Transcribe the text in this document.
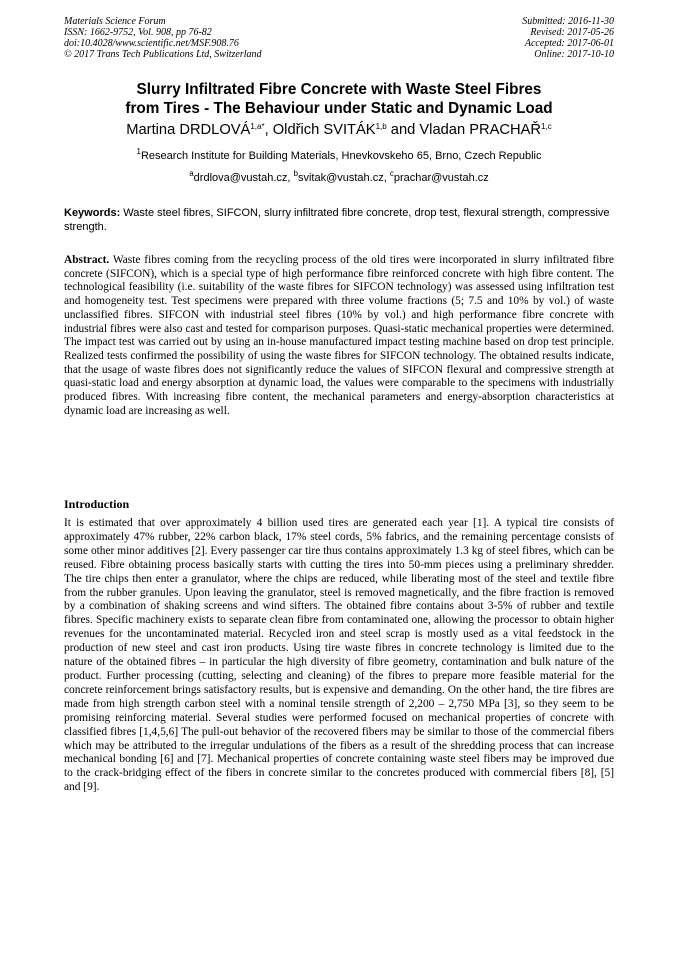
Materials Science Forum
ISSN: 1662-9752, Vol. 908, pp 76-82
doi:10.4028/www.scientific.net/MSF.908.76
© 2017 Trans Tech Publications Ltd, Switzerland
Submitted: 2016-11-30
Revised: 2017-05-26
Accepted: 2017-06-01
Online: 2017-10-10
Slurry Infiltrated Fibre Concrete with Waste Steel Fibres
from Tires - The Behaviour under Static and Dynamic Load
Martina $DRDLOVÁ^{1,a*}$, Oldřich SVITÁK$^{1,b}$ and Vladan PRACHAŘ$^{1,c}$
$^1$Research Institute for Building Materials, Hnevkovskeho 65, Brno, Czech Republic
$^a$drdlova@vustah.cz, $^b$svitak@vustah.cz, $^c$prachar@vustah.cz
Keywords: Waste steel fibres, SIFCON, slurry infiltrated fibre concrete, drop test, flexural strength, compressive strength.
Abstract. Waste fibres coming from the recycling process of the old tires were incorporated in slurry infiltrated fibre concrete (SIFCON), which is a special type of high performance fibre reinforced concrete with high fibre content. The technological feasibility (i.e. suitability of the waste fibres for SIFCON technology) was assessed using infiltration test and homogeneity test. Test specimens were prepared with three volume fractions (5; 7.5 and 10% by vol.) of waste unclassified fibres. SIFCON with industrial steel fibres (10% by vol.) and high performance fibre concrete with industrial fibres were also cast and tested for comparison purposes. Quasi-static mechanical properties were determined. The impact test was carried out by using an in-house manufactured impact testing machine based on drop test principle. Realized tests confirmed the possibility of using the waste fibres for SIFCON technology. The obtained results indicate, that the usage of waste fibres does not significantly reduce the values of SIFCON flexural and compressive strength at quasi-static load and energy absorption at dynamic load, the values were comparable to the specimens with industrially produced fibres. With increasing fibre content, the mechanical parameters and energy-absorption characteristics at dynamic load are increasing as well.
Introduction
It is estimated that over approximately 4 billion used tires are generated each year [1]. A typical tire consists of approximately 47% rubber, 22% carbon black, 17% steel cords, 5% fabrics, and the remaining percentage consists of some other minor additives [2]. Every passenger car tire thus contains approximately 1.3 kg of steel fibres, which can be reused. Fibre obtaining process basically starts with cutting the tires into 50-mm pieces using a preliminary shredder. The tire chips then enter a granulator, where the chips are reduced, while liberating most of the steel and textile fibre from the rubber granules. Upon leaving the granulator, steel is removed magnetically, and the fibre fraction is removed by a combination of shaking screens and wind sifters. The obtained fibre contains about 3-5% of rubber and textile fibres. Specific machinery exists to separate clean fibre from contaminated one, allowing the processor to obtain higher revenues for the uncontaminated material. Recycled iron and steel scrap is mostly used as a vital feedstock in the production of new steel and cast iron products. Using tire waste fibres in concrete technology is limited due to the nature of the obtained fibres – in particular the high diversity of fibre geometry, contamination and bulk nature of the product. Further processing (cutting, selecting and cleaning) of the fibres to prepare more feasible material for the concrete reinforcement brings satisfactory results, but is expensive and demanding. On the other hand, the tire fibres are made from high strength carbon steel with a nominal tensile strength of 2,200 – 2,750 MPa [3], so they seem to be promising reinforcing material. Several studies were performed focused on mechanical properties of concrete with classified fibres [1,4,5,6] The pull-out behavior of the recovered fibers may be similar to those of the commercial fibers which may be attributed to the irregular undulations of the fibers as a result of the shredding process that can increase mechanical bonding [6] and [7]. Mechanical properties of concrete containing waste steel fibers may be improved due to the crack-bridging effect of the fibers in concrete similar to the concretes produced with commercial fibers [8], [5] and [9].
